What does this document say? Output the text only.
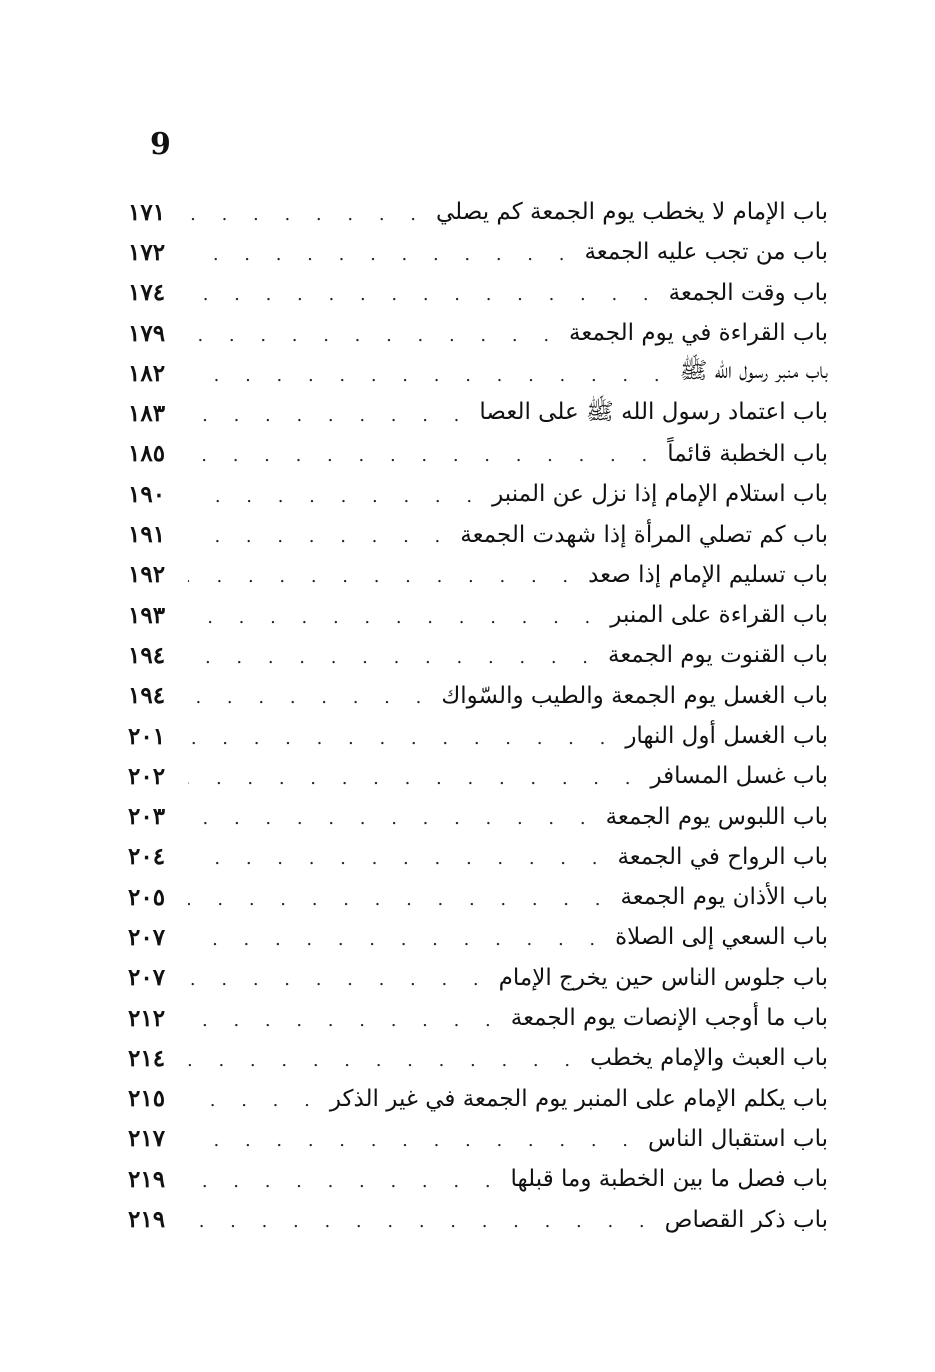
9
باب الإمام لا يخطب يوم الجمعة كم يصلي
. . .
١٧١
باب من تجب عليه الجمعة
. . .
١٧٢
باب وقت الجمعة
. . .
١٧٤
باب القراءة في يوم الجمعة
. . .
١٧٩
باب منبر رسول الله ﷺ
. . .
١٨٢
باب اعتماد رسول الله ﷺ على العصا
. . .
١٨٣
باب الخطبة قائماً
. . .
١٨٥
باب استلام الإمام إذا نزل عن المنبر
. . .
١٩٠
باب كم تصلي المرأة إذا شهدت الجمعة
. . .
١٩١
باب تسليم الإمام إذا صعد
. . .
١٩٢
باب القراءة على المنبر
. . .
١٩٣
باب القنوت يوم الجمعة
. . .
١٩٤
باب الغسل يوم الجمعة والطيب والسّواك
. . .
١٩٤
باب الغسل أول النهار
. . .
٢٠١
باب غسل المسافر
. . .
٢٠٢
باب اللبوس يوم الجمعة
. . .
٢٠٣
باب الرواح في الجمعة
. . .
٢٠٤
باب الأذان يوم الجمعة
. . .
٢٠٥
باب السعي إلى الصلاة
. . .
٢٠٧
باب جلوس الناس حين يخرج الإمام
. . .
٢٠٧
باب ما أوجب الإنصات يوم الجمعة
. . .
٢١٢
باب العبث والإمام يخطب
. . .
٢١٤
باب يكلم الإمام على المنبر يوم الجمعة في غير الذكر
. . .
٢١٥
باب استقبال الناس
. . .
٢١٧
باب فصل ما بين الخطبة وما قبلها
. . .
٢١٩
باب ذكر القصاص
. . .
٢١٩
